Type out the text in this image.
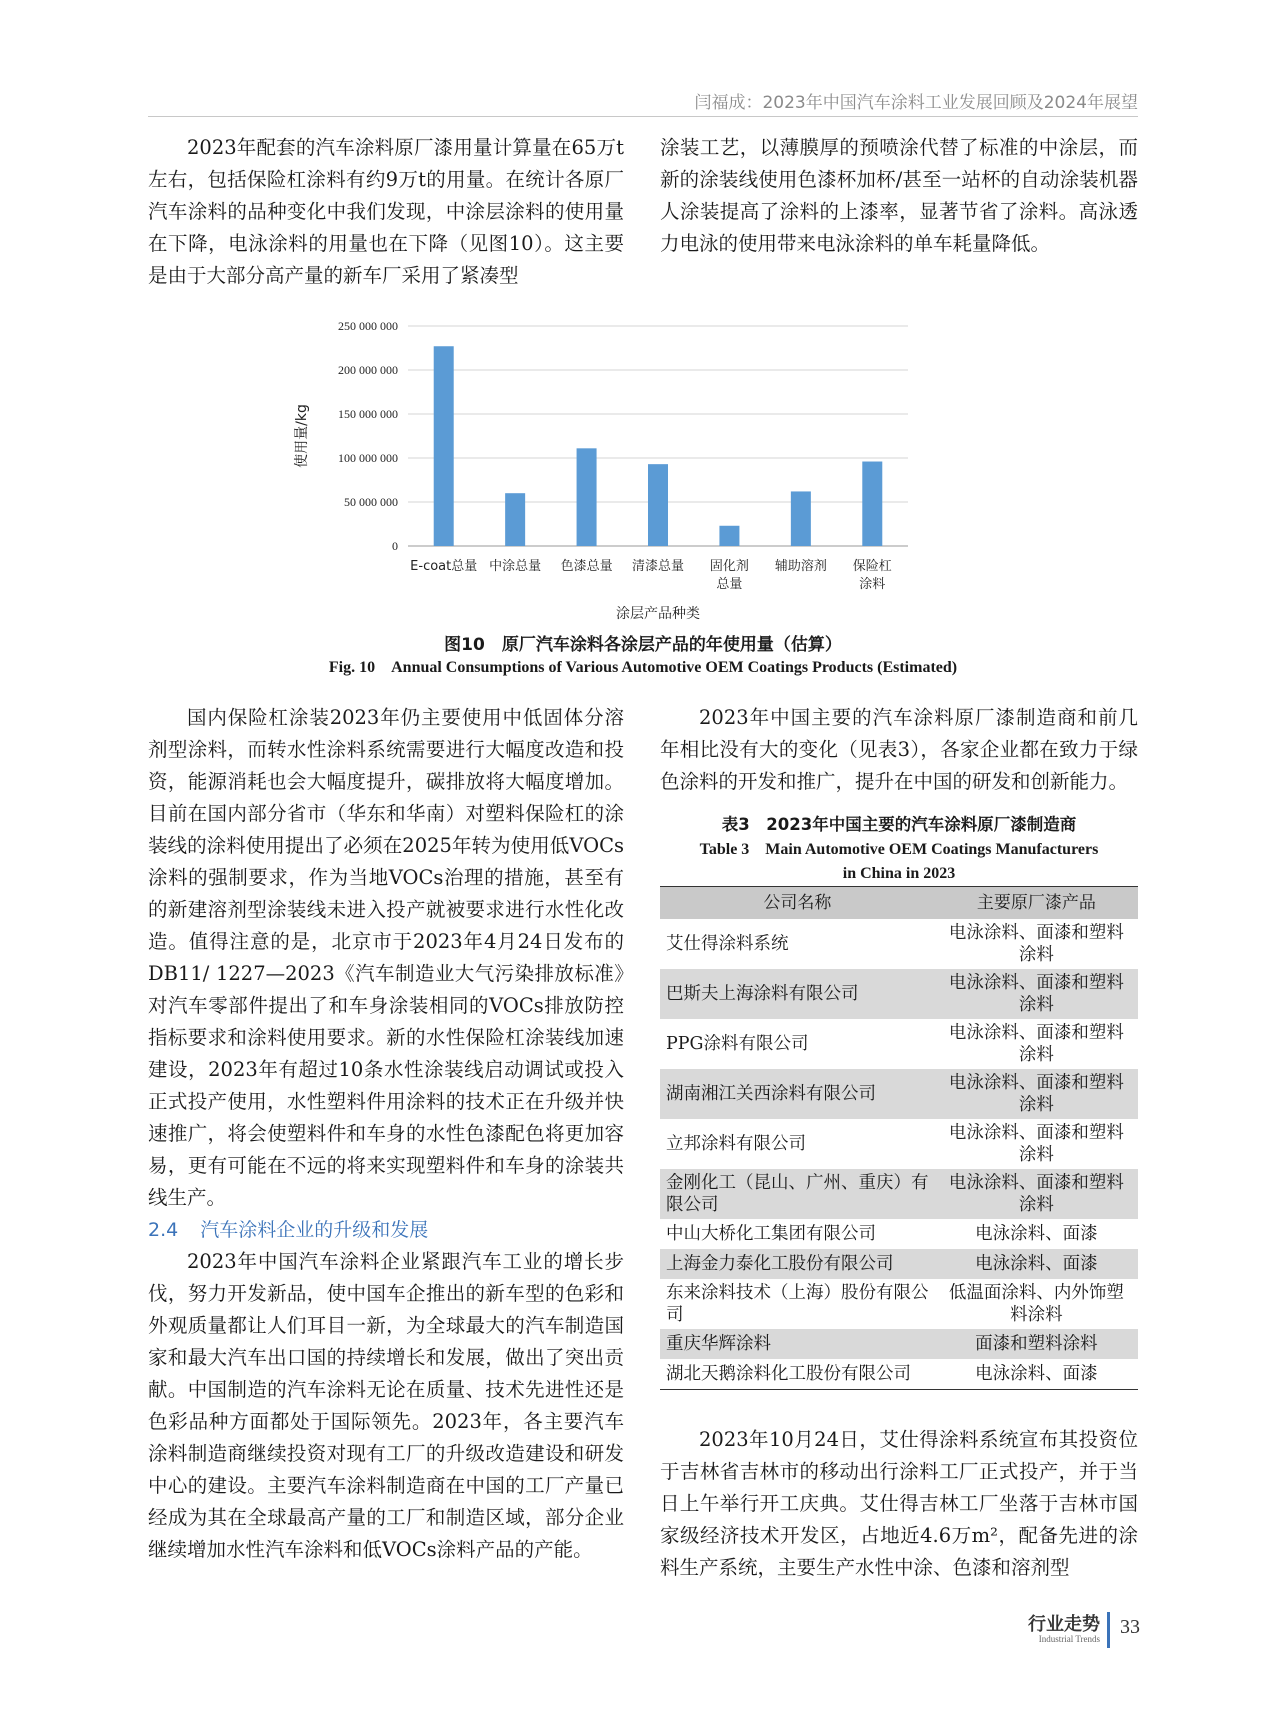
闫福成：2023年中国汽车涂料工业发展回顾及2024年展望

2023年配套的汽车涂料原厂漆用量计算量在65万t左右，包括保险杠涂料有约9万t的用量。在统计各原厂汽车涂料的品种变化中我们发现，中涂层涂料的使用量在下降，电泳涂料的用量也在下降（见图10）。这主要是由于大部分高产量的新车厂采用了紧凑型

涂装工艺，以薄膜厚的预喷涂代替了标准的中涂层，而新的涂装线使用色漆杯加杯/甚至一站杯的自动涂装机器人涂装提高了涂料的上漆率，显著节省了涂料。高泳透力电泳的使用带来电泳涂料的单车耗量降低。

0
50 000 000
100 000 000
150 000 000
200 000 000
250 000 000
E-coat总量 中涂总量 色漆总量 清漆总量 固化剂
总量
辅助溶剂 保险杠
涂料
涂层产品种类
使用量/kg
图10　原厂汽车涂料各涂层产品的年使用量（估算）
Fig. 10　Annual Consumptions of Various Automotive OEM Coatings Products (Estimated)

国内保险杠涂装2023年仍主要使用中低固体分溶剂型涂料，而转水性涂料系统需要进行大幅度改造和投资，能源消耗也会大幅度提升，碳排放将大幅度增加。目前在国内部分省市（华东和华南）对塑料保险杠的涂装线的涂料使用提出了必须在2025年转为使用低VOCs涂料的强制要求，作为当地VOCs治理的措施，甚至有的新建溶剂型涂装线未进入投产就被要求进行水性化改造。值得注意的是，北京市于2023年4月24日发布的DB11/ 1227—2023《汽车制造业大气污染排放标准》对汽车零部件提出了和车身涂装相同的VOCs排放防控指标要求和涂料使用要求。新的水性保险杠涂装线加速建设，2023年有超过10条水性涂装线启动调试或投入正式投产使用，水性塑料件用涂料的技术正在升级并快速推广，将会使塑料件和车身的水性色漆配色将更加容易，更有可能在不远的将来实现塑料件和车身的涂装共线生产。

2.4 汽车涂料企业的升级和发展

2023年中国汽车涂料企业紧跟汽车工业的增长步伐，努力开发新品，使中国车企推出的新车型的色彩和外观质量都让人们耳目一新，为全球最大的汽车制造国家和最大汽车出口国的持续增长和发展，做出了突出贡献。中国制造的汽车涂料无论在质量、技术先进性还是色彩品种方面都处于国际领先。2023年，各主要汽车涂料制造商继续投资对现有工厂的升级改造建设和研发中心的建设。主要汽车涂料制造商在中国的工厂产量已经成为其在全球最高产量的工厂和制造区域，部分企业继续增加水性汽车涂料和低VOCs涂料产品的产能。

2023年中国主要的汽车涂料原厂漆制造商和前几年相比没有大的变化（见表3），各家企业都在致力于绿色涂料的开发和推广，提升在中国的研发和创新能力。

表3　2023年中国主要的汽车涂料原厂漆制造商
Table 3　Main Automotive OEM Coatings Manufacturers
in China in 2023
公司名称	主要原厂漆产品
艾仕得涂料系统	电泳涂料、面漆和塑料涂料
巴斯夫上海涂料有限公司	电泳涂料、面漆和塑料涂料
PPG涂料有限公司	电泳涂料、面漆和塑料涂料
湖南湘江关西涂料有限公司	电泳涂料、面漆和塑料涂料
立邦涂料有限公司	电泳涂料、面漆和塑料涂料
金刚化工（昆山、广州、重庆）有限公司	电泳涂料、面漆和塑料涂料
中山大桥化工集团有限公司	电泳涂料、面漆
上海金力泰化工股份有限公司	电泳涂料、面漆
东来涂料技术（上海）股份有限公司	低温面涂料、内外饰塑料涂料
重庆华辉涂料	面漆和塑料涂料
湖北天鹅涂料化工股份有限公司	电泳涂料、面漆

2023年10月24日，艾仕得涂料系统宣布其投资位于吉林省吉林市的移动出行涂料工厂正式投产，并于当日上午举行开工庆典。艾仕得吉林工厂坐落于吉林市国家级经济技术开发区，占地近4.6万m²，配备先进的涂料生产系统，主要生产水性中涂、色漆和溶剂型

行业走势
Industrial Trends
33
